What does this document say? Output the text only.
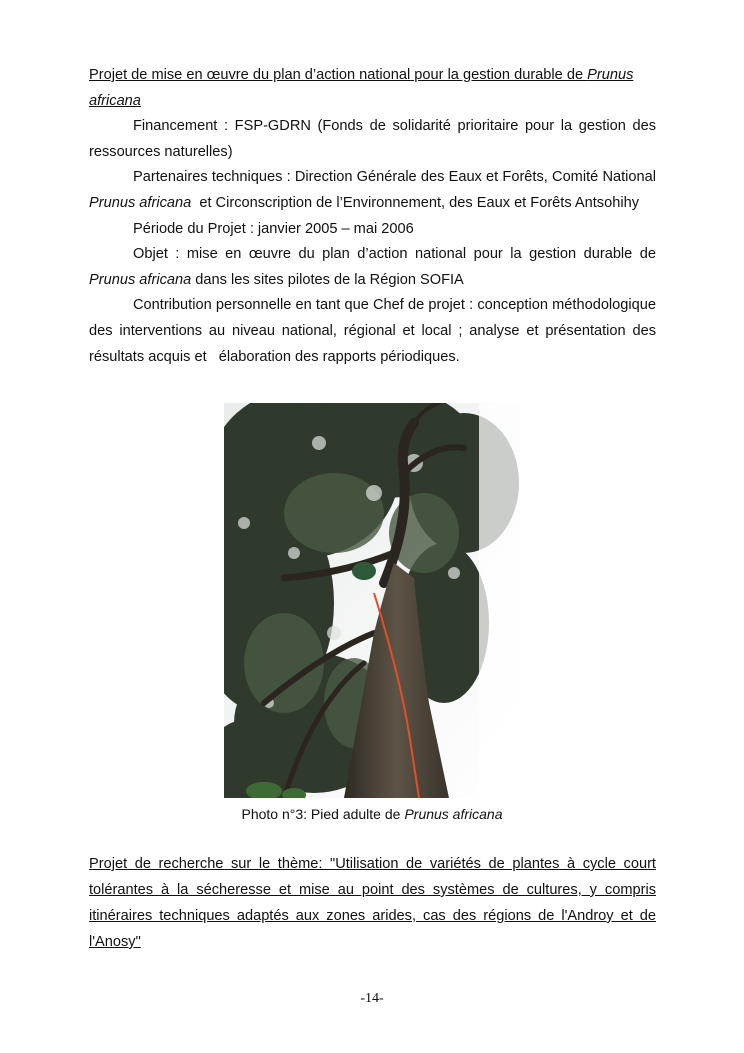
Projet de mise en œuvre du plan d’action national pour la gestion durable de Prunus
africana

Financement : FSP-GDRN (Fonds de solidarité prioritaire pour la gestion des ressources naturelles)

Partenaires techniques : Direction Générale des Eaux et Forêts, Comité National Prunus africana  et Circonscription de l’Environnement, des Eaux et Forêts Antsohihy

Période du Projet : janvier 2005 – mai 2006

Objet : mise en œuvre du plan d’action national pour la gestion durable de Prunus africana dans les sites pilotes de la Région SOFIA

Contribution personnelle en tant que Chef de projet : conception méthodologique des interventions au niveau national, régional et local ; analyse et présentation des résultats acquis et   élaboration des rapports périodiques.

Photo n°3: Pied adulte de Prunus africana

Projet de recherche sur le thème: "Utilisation de variétés de plantes à cycle court tolérantes à la sécheresse et mise au point des systèmes de cultures, y compris itinéraires techniques adaptés aux zones arides, cas des régions de l'Androy et de l'Anosy"

-14-
